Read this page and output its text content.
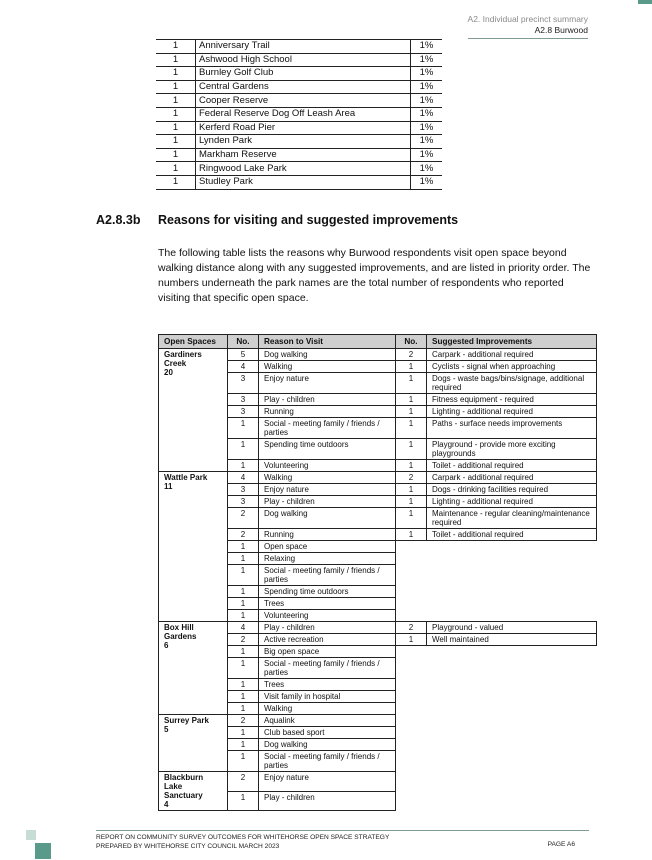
A2. Individual precinct summary
A2.8 Burwood
1	Anniversary Trail	1%
1	Ashwood High School	1%
1	Burnley Golf Club	1%
1	Central Gardens	1%
1	Cooper Reserve	1%
1	Federal Reserve Dog Off Leash Area	1%
1	Kerferd Road Pier	1%
1	Lynden Park	1%
1	Markham Reserve	1%
1	Ringwood Lake Park	1%
1	Studley Park	1%
A2.8.3b Reasons for visiting and suggested improvements
The following table lists the reasons why Burwood respondents visit open space beyond walking distance along with any suggested improvements, and are listed in priority order. The numbers underneath the park names are the total number of respondents who reported visiting that specific open space.
Open Spaces	No.	Reason to Visit	No.	Suggested Improvements
Gardiners Creek
20	5	Dog walking	2	Carpark - additional required
	4	Walking	1	Cyclists - signal when approaching
	3	Enjoy nature	1	Dogs - waste bags/bins/signage, additional required
	3	Play - children	1	Fitness equipment - required
	3	Running	1	Lighting - additional required
	1	Social - meeting family / friends / parties	1	Paths - surface needs improvements
	1	Spending time outdoors	1	Playground - provide more exciting playgrounds
	1	Volunteering	1	Toilet - additional required
Wattle Park
11	4	Walking	2	Carpark - additional required
	3	Enjoy nature	1	Dogs - drinking facilities required
	3	Play - children	1	Lighting - additional required
	2	Dog walking	1	Maintenance - regular cleaning/maintenance required
	2	Running	1	Toilet - additional required
	1	Open space		
	1	Relaxing		
	1	Social - meeting family / friends / parties		
	1	Spending time outdoors		
	1	Trees		
	1	Volunteering		
Box Hill Gardens
6	4	Play - children	2	Playground - valued
	2	Active recreation	1	Well maintained
	1	Big open space		
	1	Social - meeting family / friends / parties		
	1	Trees		
	1	Visit family in hospital		
	1	Walking		
Surrey Park
5	2	Aqualink		
	1	Club based sport		
	1	Dog walking		
	1	Social - meeting family / friends / parties		
Blackburn Lake Sanctuary
4	2	Enjoy nature		
	1	Play - children		
REPORT ON COMMUNITY SURVEY OUTCOMES FOR WHITEHORSE OPEN SPACE STRATEGY
PREPARED BY WHITEHORSE CITY COUNCIL MARCH 2023	PAGE A6
